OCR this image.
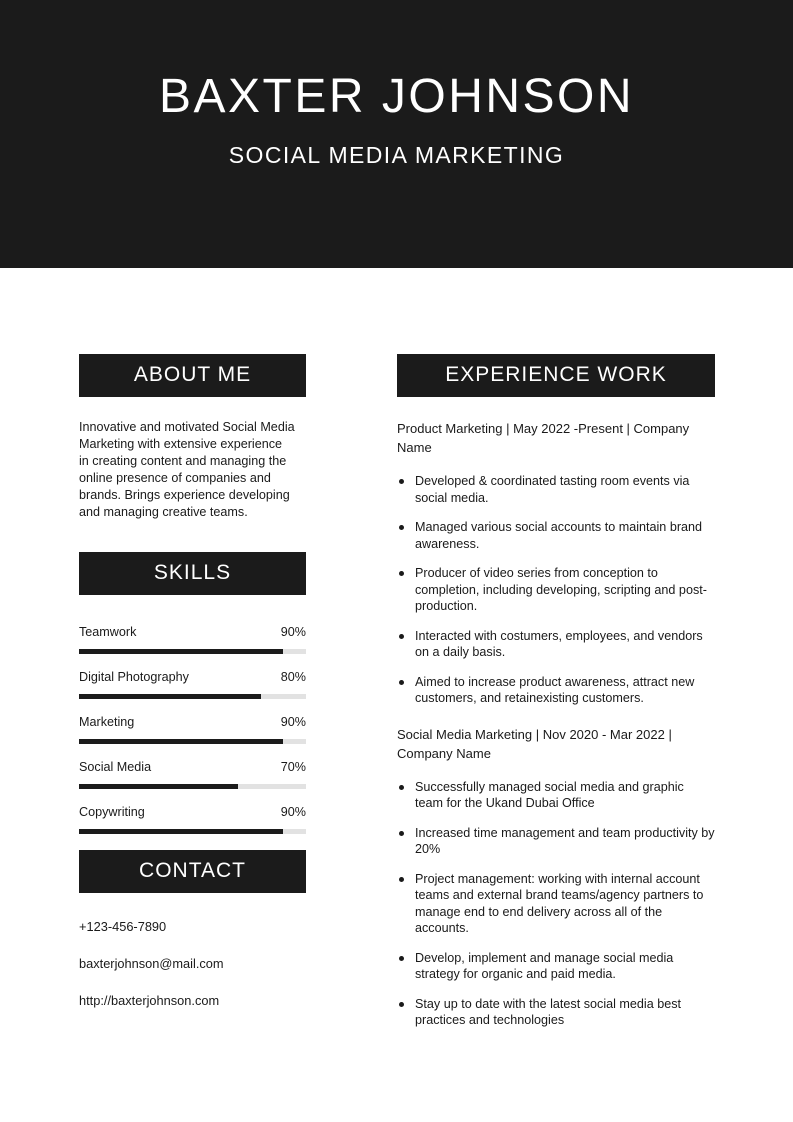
BAXTER JOHNSON
SOCIAL MEDIA MARKETING
ABOUT ME

Innovative and motivated Social Media Marketing with extensive experience in creating content and managing the online presence of companies and brands. Brings experience developing and managing creative teams.

SKILLS
Teamwork	90%
Digital Photography	80%
Marketing	90%
Social Media	70%
Copywriting	90%
CONTACT
+123-456-7890
baxterjohnson@mail.com
http://baxterjohnson.com
EXPERIENCE WORK
Product Marketing | May 2022 -Present | Company Name
Developed & coordinated tasting room events via social media.
Managed various social accounts to maintain brand awareness.
Producer of video series from conception to completion, including developing, scripting and post-production.
Interacted with costumers, employees, and vendors on a daily basis.
Aimed to increase product awareness, attract new customers, and retainexisting customers.
Social Media Marketing | Nov 2020 - Mar 2022 | Company Name
Successfully managed social media and graphic team for the Ukand Dubai Office
Increased time management and team productivity by 20%
Project management: working with internal account teams and external brand teams/agency partners to manage end to end delivery across all of the accounts.
Develop, implement and manage social media strategy for organic and paid media.
Stay up to date with the latest social media best practices and technologies
